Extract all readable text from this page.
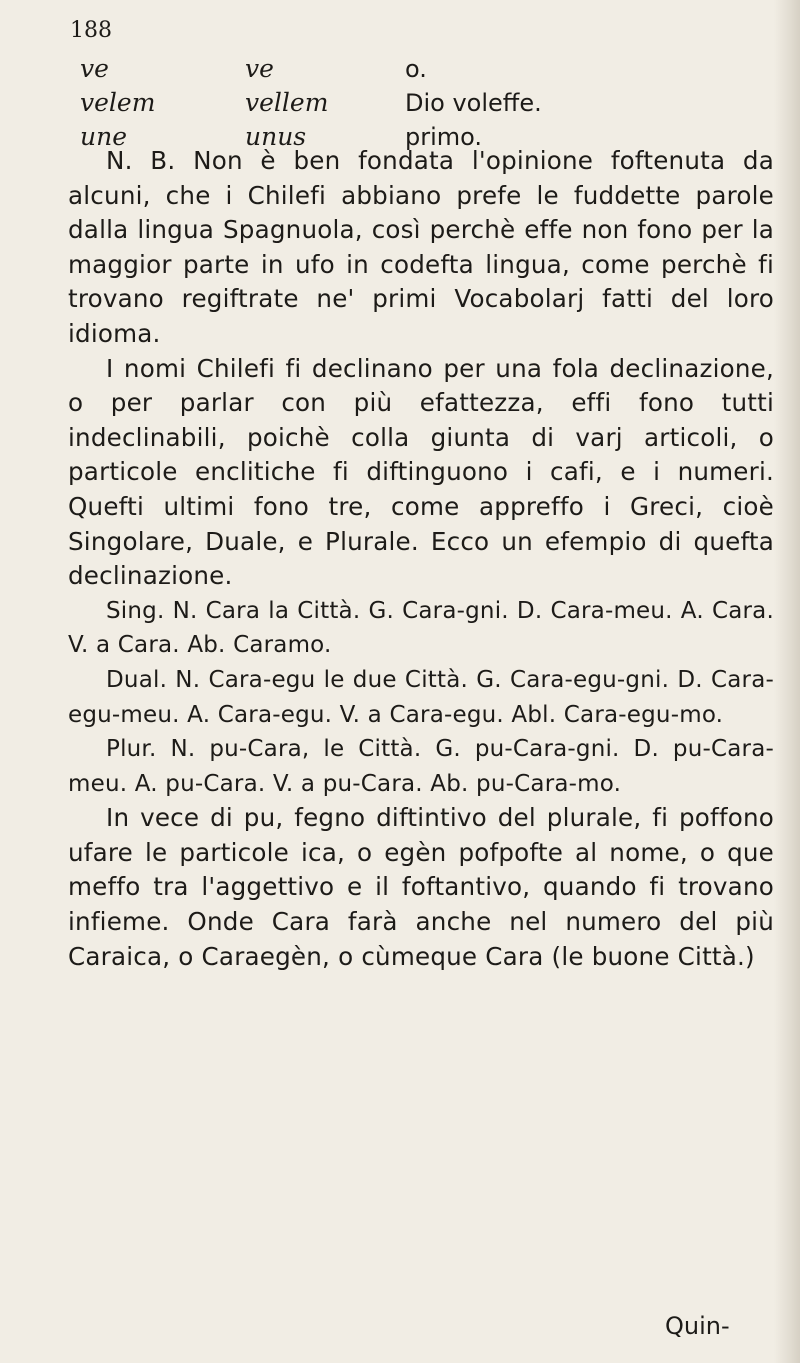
188
ve	ve	o.
velem	vellem	Dio voleffe.
une	unus	primo.

N. B. Non è ben fondata l'opinione foftenuta da alcuni, che i Chilefi abbiano prefe le fuddette parole dalla lingua Spagnuola, così perchè effe non fono per la maggior parte in ufo in codefta lingua, come perchè fi trovano regiftrate ne' primi Vocabolarj fatti del loro idioma.

I nomi Chilefi fi declinano per una fola declinazione, o per parlar con più efattezza, effi fono tutti indeclinabili, poichè colla giunta di varj articoli, o particole enclitiche fi diftinguono i cafi, e i numeri. Quefti ultimi fono tre, come appreffo i Greci, cioè Singolare, Duale, e Plurale. Ecco un efempio di quefta declinazione.

Sing. N. Cara la Città. G. Cara-gni. D. Cara-meu. A. Cara. V. a Cara. Ab. Caramo.

Dual. N. Cara-egu le due Città. G. Cara-egu-gni. D. Cara-egu-meu. A. Cara-egu. V. a Cara-egu. Abl. Cara-egu-mo.

Plur. N. pu-Cara, le Città. G. pu-Cara-gni. D. pu-Cara-meu. A. pu-Cara. V. a pu-Cara. Ab. pu-Cara-mo.

In vece di pu, fegno diftintivo del plurale, fi poffono ufare le particole ica, o egèn pofpofte al nome, o que meffo tra l'aggettivo e il foftantivo, quando fi trovano infieme. Onde Cara farà anche nel numero del più Caraica, o Caraegèn, o cùmeque Cara (le buone Città.)

Quin-
